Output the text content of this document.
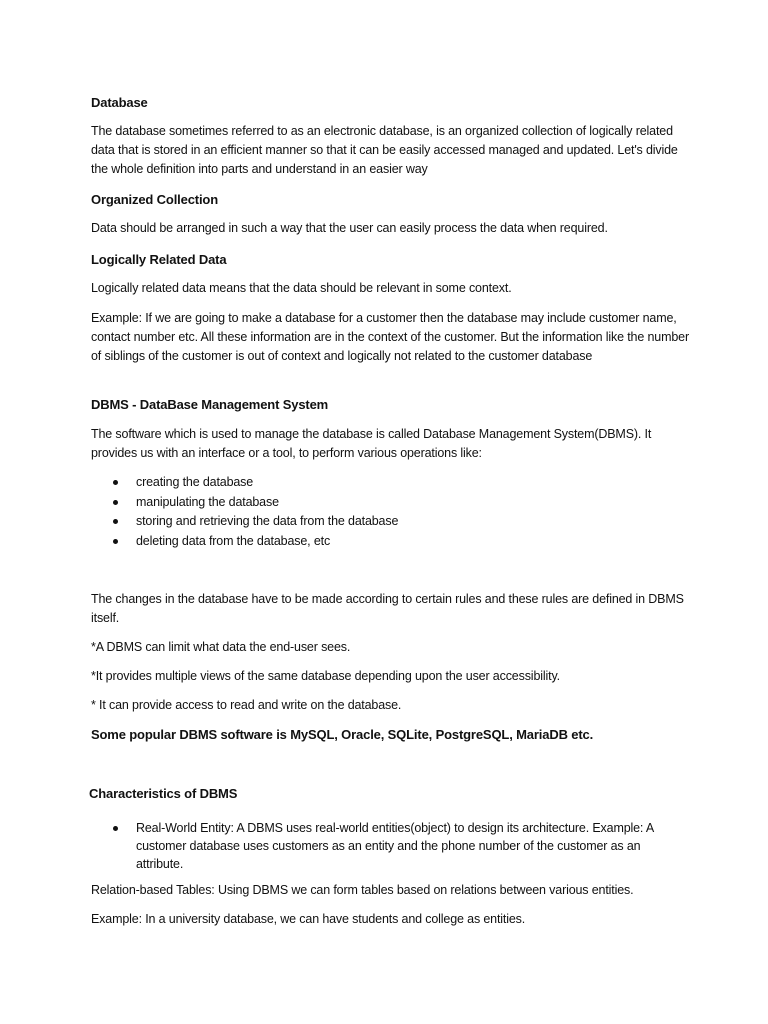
Database

The database sometimes referred to as an electronic database, is an organized collection of logically related data that is stored in an efficient manner so that it can be easily accessed managed and updated. Let's divide the whole definition into parts and understand in an easier way

Organized Collection

Data should be arranged in such a way that the user can easily process the data when required.

Logically Related Data

Logically related data means that the data should be relevant in some context.

Example: If we are going to make a database for a customer then the database may include customer name, contact number etc. All these information are in the context of the customer. But the information like the number of siblings of the customer is out of context and logically not related to the customer database

DBMS - DataBase Management System

The software which is used to manage the database is called Database Management System(DBMS). It provides us with an interface or a tool, to perform various operations like:

creating the database
manipulating the database
storing and retrieving the data from the database
deleting data from the database, etc

The changes in the database have to be made according to certain rules and these rules are defined in DBMS itself.

*A DBMS can limit what data the end-user sees.

*It provides multiple views of the same database depending upon the user accessibility.

* It can provide access to read and write on the database.

Some popular DBMS software is MySQL, Oracle, SQLite, PostgreSQL, MariaDB etc.

Characteristics of DBMS

Real-World Entity: A DBMS uses real-world entities(object) to design its architecture. Example: A customer database uses customers as an entity and the phone number of the customer as an attribute.

Relation-based Tables: Using DBMS we can form tables based on relations between various entities.

Example: In a university database, we can have students and college as entities.
